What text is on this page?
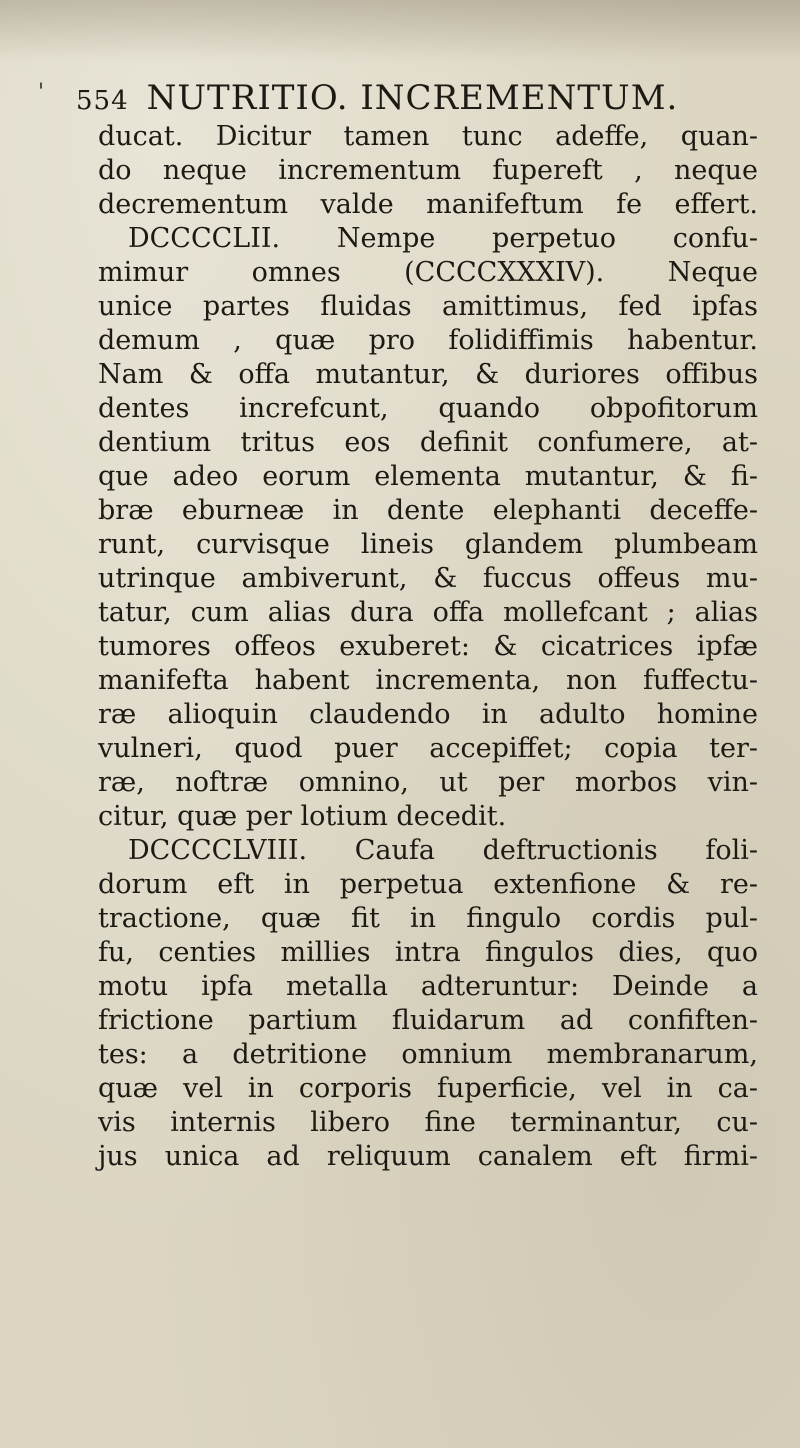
554 NUTRITIO. INCREMENTUM.
'
ducat. Dicitur tamen tunc adeffe, quan-
do neque incrementum fupereft , neque
decrementum valde manifeftum fe effert.
DCCCCLII. Nempe perpetuo confu-
mimur omnes (CCCCXXXIV). Neque
unice partes fluidas amittimus, fed ipfas
demum , quæ pro folidiffimis habentur.
Nam & offa mutantur, & duriores offibus
dentes increfcunt, quando obpofitorum
dentium tritus eos definit confumere, at-
que adeo eorum elementa mutantur, & fi-
bræ eburneæ in dente elephanti deceffe-
runt, curvisque lineis glandem plumbeam
utrinque ambiverunt, & fuccus offeus mu-
tatur, cum alias dura offa mollefcant ; alias
tumores offeos exuberet: & cicatrices ipfæ
manifefta habent incrementa, non fuffectu-
ræ alioquin claudendo in adulto homine
vulneri, quod puer accepiffet; copia ter-
ræ, noftræ omnino, ut per morbos vin-
citur, quæ per lotium decedit.
DCCCCLVIII. Caufa deftructionis foli-
dorum eft in perpetua extenfione & re-
tractione, quæ fit in fingulo cordis pul-
fu, centies millies intra fingulos dies, quo
motu ipfa metalla adteruntur: Deinde a
frictione partium fluidarum ad confiften-
tes: a detritione omnium membranarum,
quæ vel in corporis fuperficie, vel in ca-
vis internis libero fine terminantur, cu-
jus unica ad reliquum canalem eft firmi-
